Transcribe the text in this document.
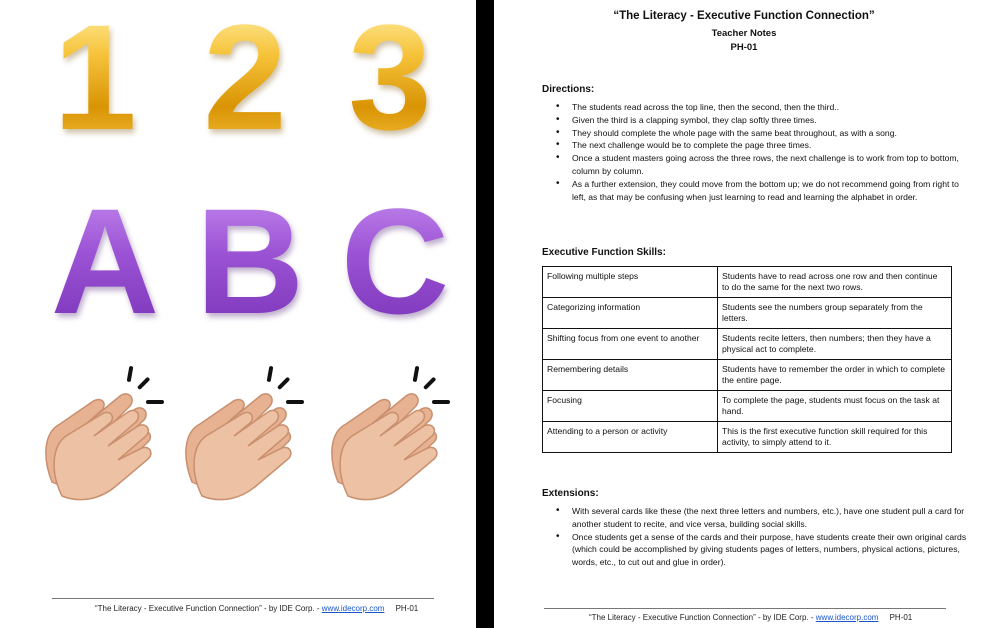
1 2 3
A B C
“The Literacy - Executive Function Connection” - by IDE Corp. - www.idecorp.com PH-01
“The Literacy - Executive Function Connection”
Teacher Notes
PH-01
Directions:
• The students read across the top line, then the second, then the third..
• Given the third is a clapping symbol, they clap softly three times.
• They should complete the whole page with the same beat throughout, as with a song.
• The next challenge would be to complete the page three times.
• Once a student masters going across the three rows, the next challenge is to work from top to bottom, column by column.
• As a further extension, they could move from the bottom up; we do not recommend going from right to left, as that may be confusing when just learning to read and learning the alphabet in order.
Executive Function Skills:
Following multiple steps	Students have to read across one row and then continue to do the same for the next two rows.
Categorizing information	Students see the numbers group separately from the letters.
Shifting focus from one event to another	Students recite letters, then numbers; then they have a physical act to complete.
Remembering details	Students have to remember the order in which to complete the entire page.
Focusing	To complete the page, students must focus on the task at hand.
Attending to a person or activity	This is the first executive function skill required for this activity, to simply attend to it.
Extensions:
• With several cards like these (the next three letters and numbers, etc.), have one student pull a card for another student to recite, and vice versa, building social skills.
• Once students get a sense of the cards and their purpose, have students create their own original cards (which could be accomplished by giving students pages of letters, numbers, physical actions, pictures, words, etc., to cut out and glue in order).
“The Literacy - Executive Function Connection” - by IDE Corp. - www.idecorp.com PH-01
